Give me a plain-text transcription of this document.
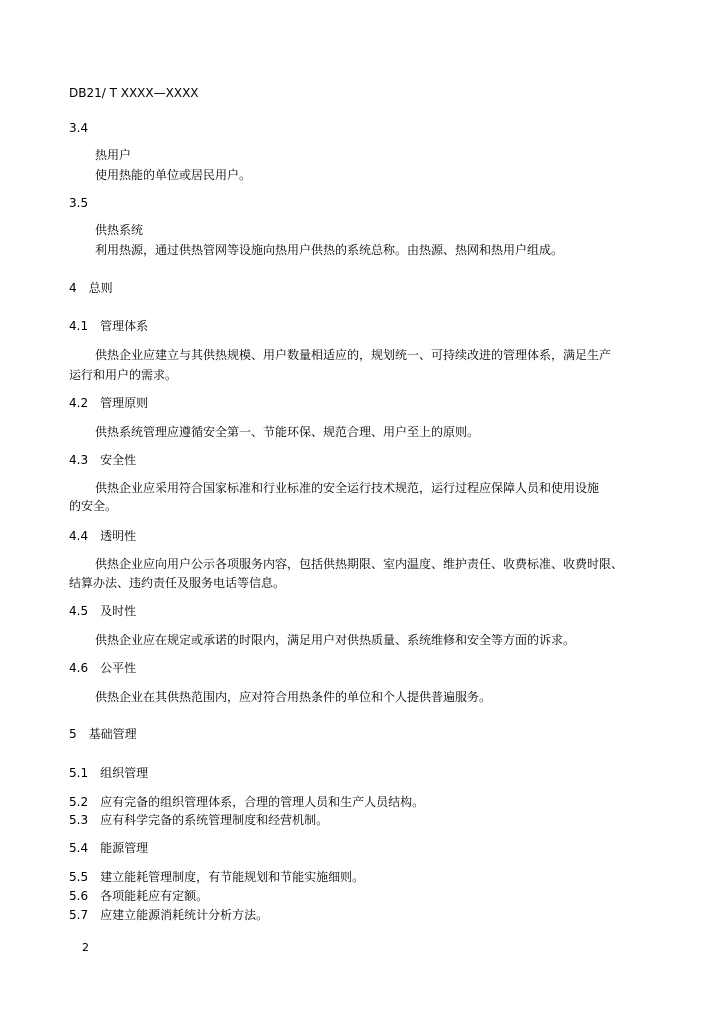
DB21/ T XXXX—XXXX
3.4
热用户
使用热能的单位或居民用户。
3.5
供热系统
利用热源，通过供热管网等设施向热用户供热的系统总称。由热源、热网和热用户组成。
4 总则
4.1 管理体系
供热企业应建立与其供热规模、用户数量相适应的，规划统一、可持续改进的管理体系，满足生产
运行和用户的需求。
4.2 管理原则
供热系统管理应遵循安全第一、节能环保、规范合理、用户至上的原则。
4.3 安全性
供热企业应采用符合国家标准和行业标准的安全运行技术规范，运行过程应保障人员和使用设施
的安全。
4.4 透明性
供热企业应向用户公示各项服务内容，包括供热期限、室内温度、维护责任、收费标准、收费时限、
结算办法、违约责任及服务电话等信息。
4.5 及时性
供热企业应在规定或承诺的时限内，满足用户对供热质量、系统维修和安全等方面的诉求。
4.6 公平性
供热企业在其供热范围内，应对符合用热条件的单位和个人提供普遍服务。
5 基础管理
5.1 组织管理
5.2 应有完备的组织管理体系，合理的管理人员和生产人员结构。
5.3 应有科学完备的系统管理制度和经营机制。
5.4 能源管理
5.5 建立能耗管理制度，有节能规划和节能实施细则。
5.6 各项能耗应有定额。
5.7 应建立能源消耗统计分析方法。
2
